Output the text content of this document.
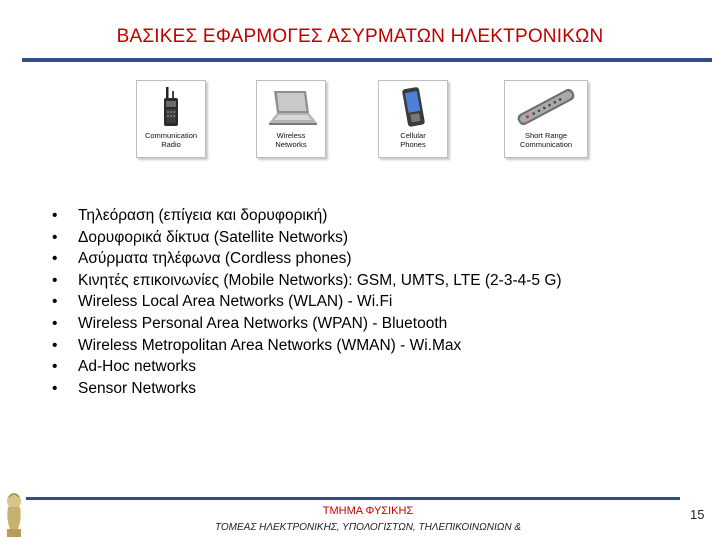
ΒΑΣΙΚΕΣ ΕΦΑΡΜΟΓΕΣ ΑΣΥΡΜΑΤΩΝ ΗΛΕΚΤΡΟΝΙΚΩΝ
Communication
Radio
Wireless
Networks
Cellular
Phones
Short Range
Communication
• Τηλεόραση (επίγεια και δορυφορική)
• Δορυφορικά δίκτυα (Satellite Networks)
• Ασύρματα τηλέφωνα (Cordless phones)
• Κινητές επικοινωνίες (Mobile Networks): GSM, UMTS, LTE (2-3-4-5 G)
• Wireless Local Area Networks (WLAN) - Wi.Fi
• Wireless Personal Area Networks (WPAN) - Bluetooth
• Wireless Metropolitan Area Networks (WMAN) - Wi.Max
• Ad-Hoc networks
• Sensor Networks
ΤΜΗΜΑ ΦΥΣΙΚΗΣ
ΤΟΜΕΑΣ ΗΛΕΚΤΡΟΝΙΚΗΣ, ΥΠΟΛΟΓΙΣΤΩΝ, ΤΗΛΕΠΙΚΟΙΝΩΝΙΩΝ &
15
